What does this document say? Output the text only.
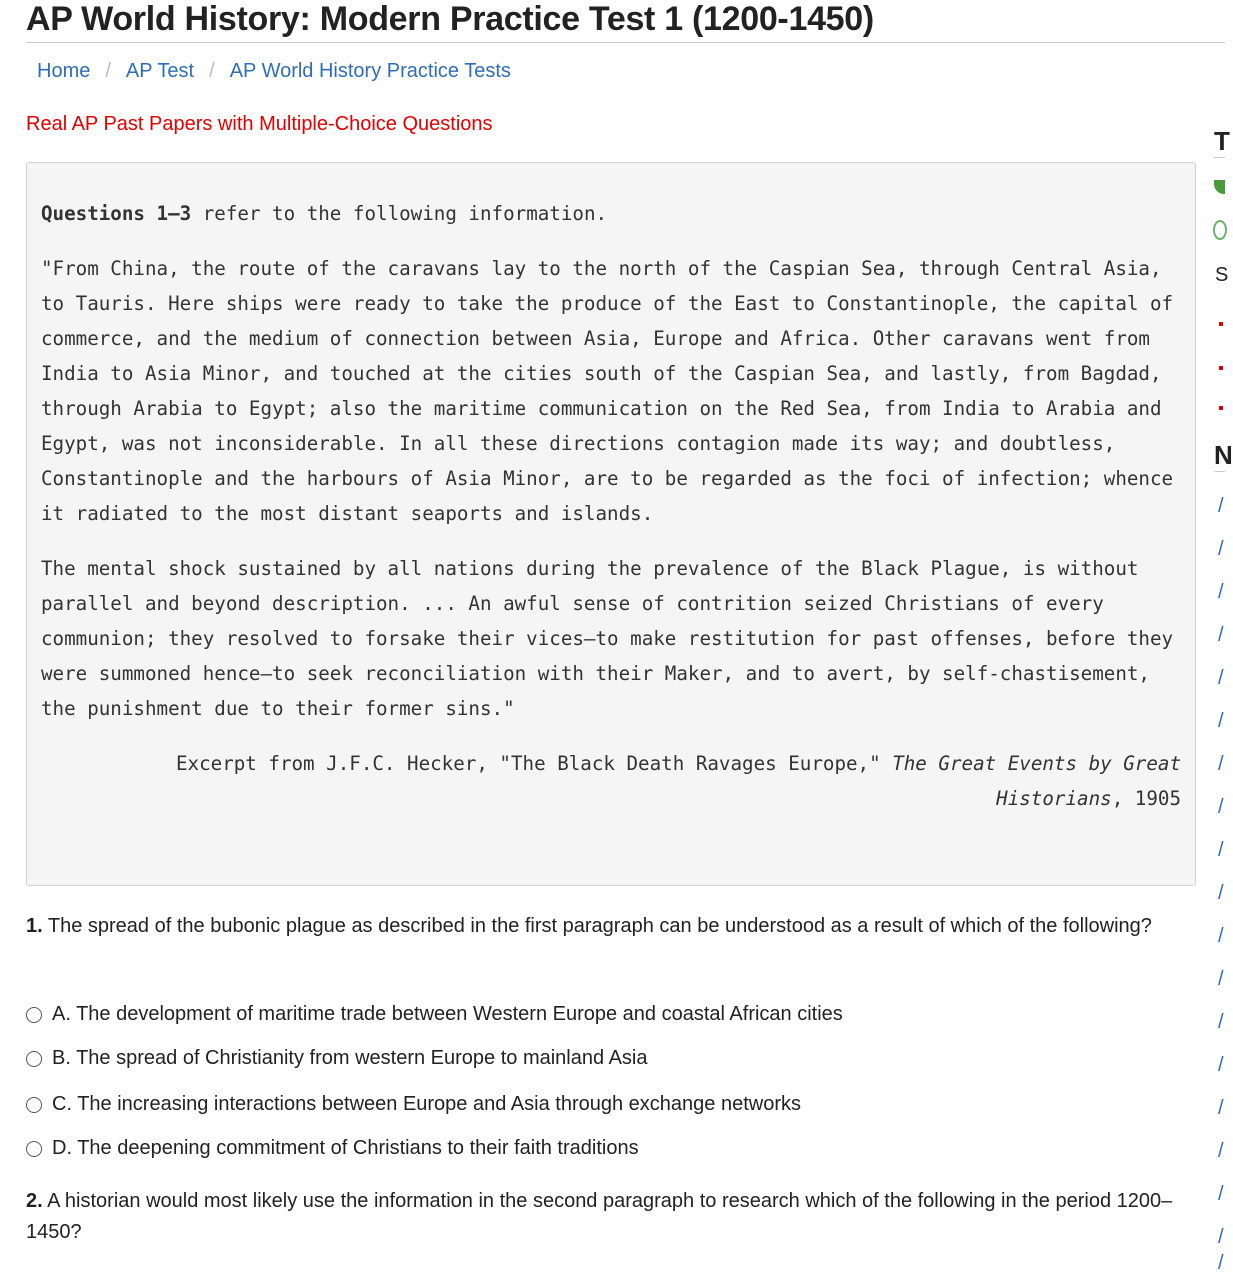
AP World History: Modern Practice Test 1 (1200-1450)
Home / AP Test / AP World History Practice Tests
Real AP Past Papers with Multiple-Choice Questions

Questions 1–3 refer to the following information.

"From China, the route of the caravans lay to the north of the Caspian Sea, through Central Asia, to Tauris. Here ships were ready to take the produce of the East to Constantinople, the capital of commerce, and the medium of connection between Asia, Europe and Africa. Other caravans went from India to Asia Minor, and touched at the cities south of the Caspian Sea, and lastly, from Bagdad, through Arabia to Egypt; also the maritime communication on the Red Sea, from India to Arabia and Egypt, was not inconsiderable. In all these directions contagion made its way; and doubtless, Constantinople and the harbours of Asia Minor, are to be regarded as the foci of infection; whence it radiated to the most distant seaports and islands.

The mental shock sustained by all nations during the prevalence of the Black Plague, is without parallel and beyond description. ... An awful sense of contrition seized Christians of every communion; they resolved to forsake their vices—to make restitution for past offenses, before they were summoned hence—to seek reconciliation with their Maker, and to avert, by self-chastisement, the punishment due to their former sins."

Excerpt from J.F.C. Hecker, "The Black Death Ravages Europe," The Great Events by Great Historians, 1905

1. The spread of the bubonic plague as described in the first paragraph can be understood as a result of which of the following?
A. The development of maritime trade between Western Europe and coastal African cities
B. The spread of Christianity from western Europe to mainland Asia
C. The increasing interactions between Europe and Asia through exchange networks
D. The deepening commitment of Christians to their faith traditions
2. A historian would most likely use the information in the second paragraph to research which of the following in the period 1200–1450?
T
S
N
/
/
/
/
/
/
/
/
/
/
/
/
/
/
/
/
/
/
/
